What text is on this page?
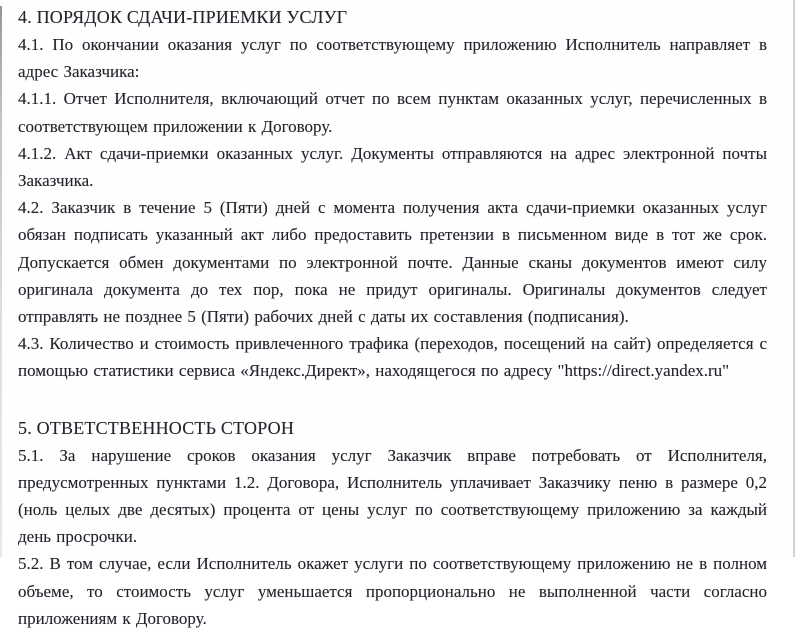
4. ПОРЯДОК СДАЧИ-ПРИЕМКИ УСЛУГ

4.1. По окончании оказания услуг по соответствующему приложению Исполнитель направляет в адрес Заказчика:

4.1.1. Отчет Исполнителя, включающий отчет по всем пунктам оказанных услуг, перечисленных в соответствующем приложении к Договору.

4.1.2. Акт сдачи-приемки оказанных услуг. Документы отправляются на адрес электронной почты Заказчика.

4.2. Заказчик в течение 5 (Пяти) дней с момента получения акта сдачи-приемки оказанных услуг обязан подписать указанный акт либо предоставить претензии в письменном виде в тот же срок. Допускается обмен документами по электронной почте. Данные сканы документов имеют силу оригинала документа до тех пор, пока не придут оригиналы. Оригиналы документов следует отправлять не позднее 5 (Пяти) рабочих дней с даты их составления (подписания).

4.3. Количество и стоимость привлеченного трафика (переходов, посещений на сайт) определяется с помощью статистики сервиса «Яндекс.Директ», находящегося по адресу "https://direct.yandex.ru"

5. ОТВЕТСТВЕННОСТЬ СТОРОН

5.1. За нарушение сроков оказания услуг Заказчик вправе потребовать от Исполнителя, предусмотренных пунктами 1.2. Договора, Исполнитель уплачивает Заказчику пеню в размере 0,2 (ноль целых две десятых) процента от цены услуг по соответствующему приложению за каждый день просрочки.

5.2. В том случае, если Исполнитель окажет услуги по соответствующему приложению не в полном объеме, то стоимость услуг уменьшается пропорционально не выполненной части согласно приложениям к Договору.
